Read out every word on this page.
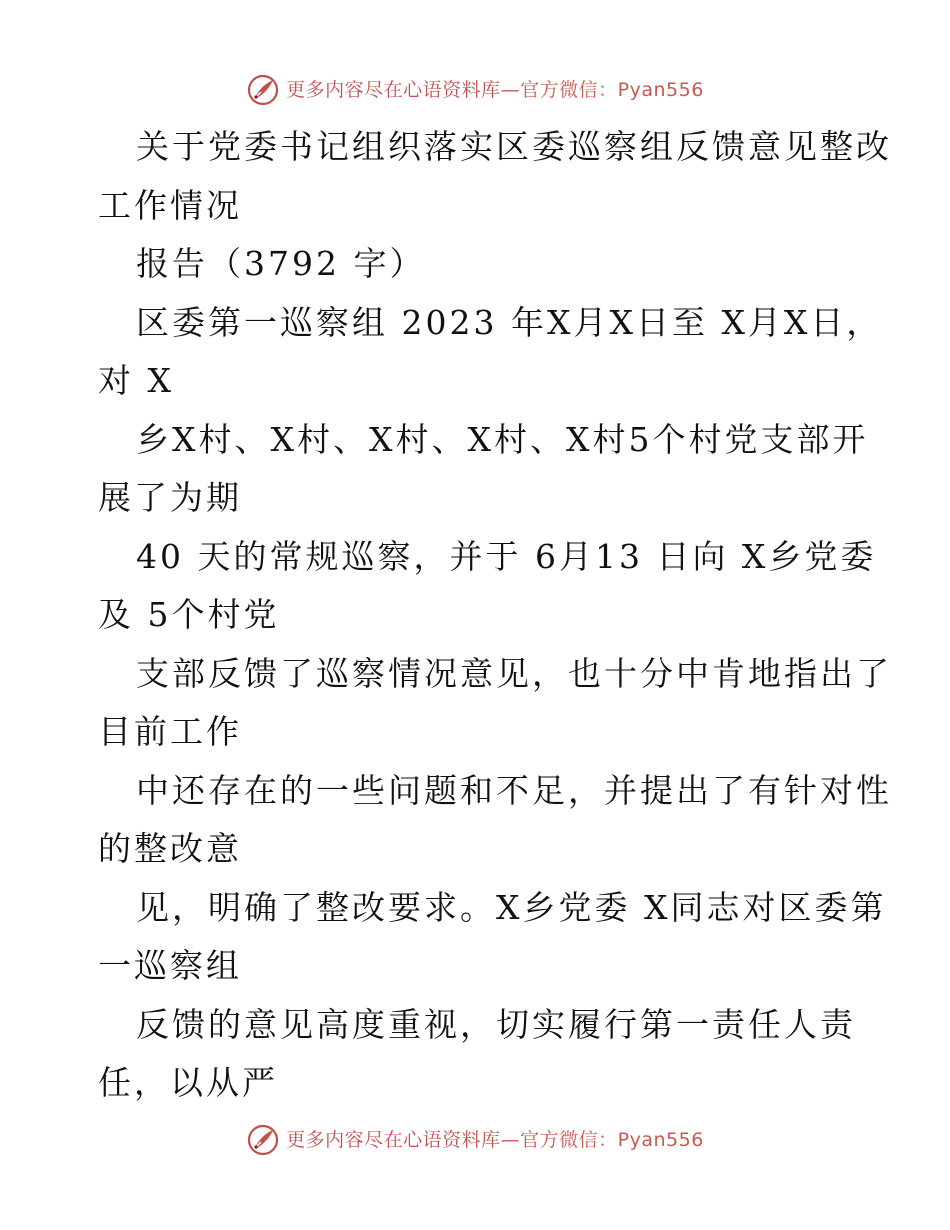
更多内容尽在心语资料库—官方微信：Pyan556
关于党委书记组织落实区委巡察组反馈意见整改
工作情况
报告（3792 字）
区委第一巡察组 2023 年X月X日至 X月X日，
对 X
乡X村、X村、X村、X村、X村5个村党支部开
展了为期
40 天的常规巡察，并于 6月13 日向 X乡党委
及 5个村党
支部反馈了巡察情况意见，也十分中肯地指出了
目前工作
中还存在的一些问题和不足，并提出了有针对性
的整改意
见，明确了整改要求。X乡党委 X同志对区委第
一巡察组
反馈的意见高度重视，切实履行第一责任人责
任，以从严
更多内容尽在心语资料库—官方微信：Pyan556
